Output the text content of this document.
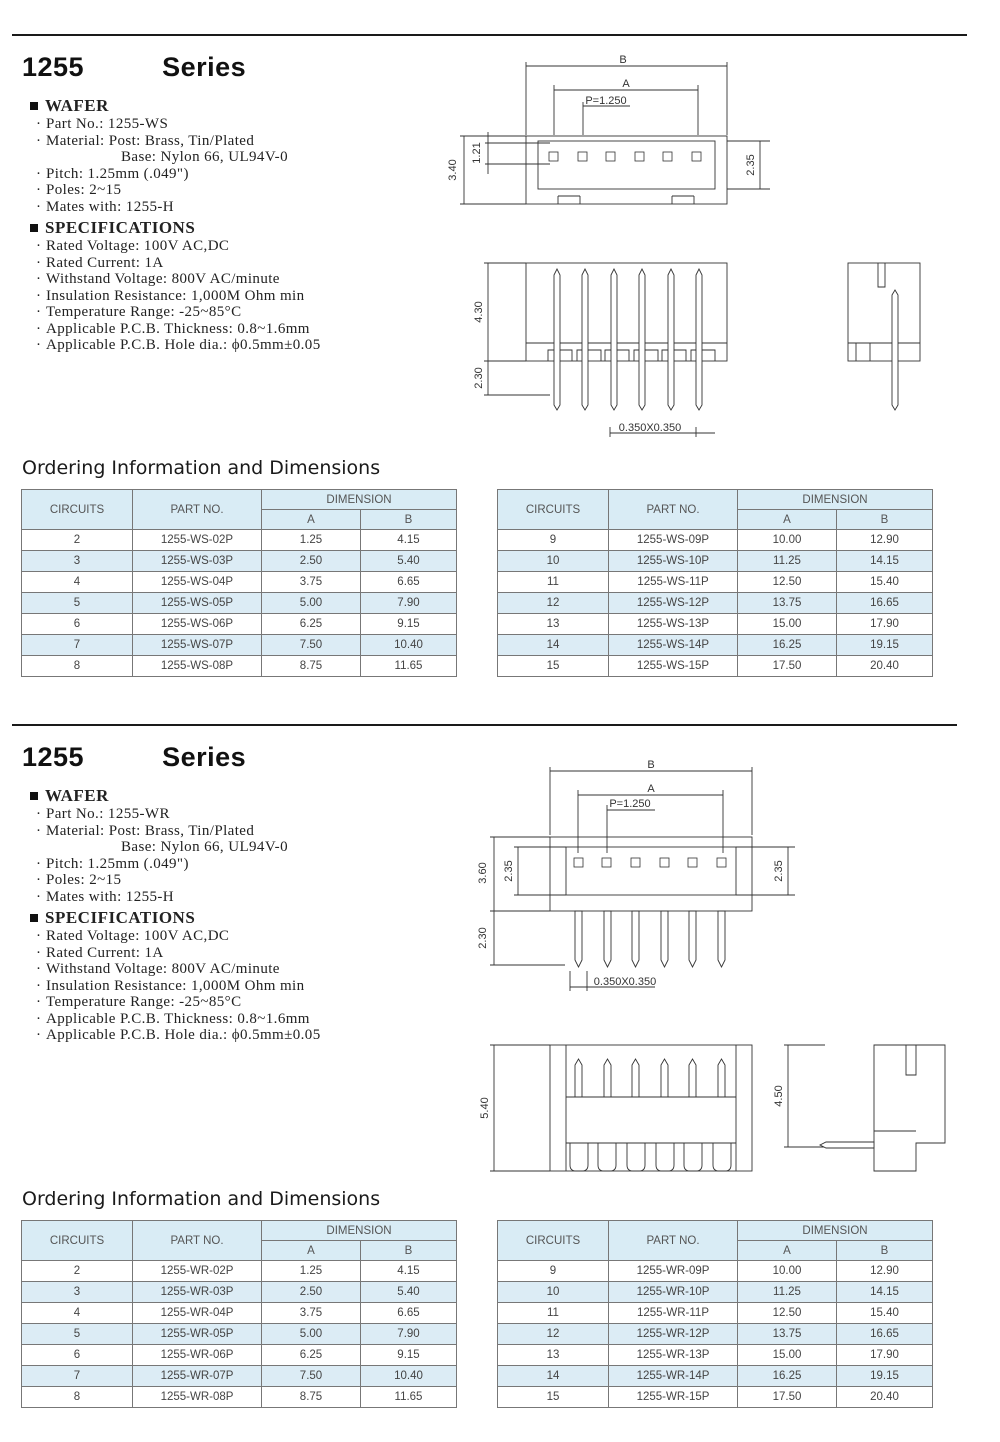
1255   Series
WAFER
· Part No.: 1255-WS
· Material: Post: Brass, Tin/Plated
Base: Nylon 66, UL94V-0
· Pitch: 1.25mm (.049")
· Poles: 2~15
· Mates with: 1255-H
SPECIFICATIONS
· Rated Voltage: 100V AC,DC
· Rated Current: 1A
· Withstand Voltage: 800V AC/minute
· Insulation Resistance: 1,000M Ohm min
· Temperature Range: -25~85°C
· Applicable P.C.B. Thickness: 0.8~1.6mm
· Applicable P.C.B. Hole dia.: ϕ0.5mm±0.05
B
A
P=1.250
3.40
1.21
2.35
4.30
2.30
0.350X0.350
Ordering Information and Dimensions
CIRCUITS	PART NO.	DIMENSION	
		A	B
2	1255-WS-02P	1.25	4.15
3	1255-WS-03P	2.50	5.40
4	1255-WS-04P	3.75	6.65
5	1255-WS-05P	5.00	7.90
6	1255-WS-06P	6.25	9.15
7	1255-WS-07P	7.50	10.40
8	1255-WS-08P	8.75	11.65
CIRCUITS	PART NO.	DIMENSION	
		A	B
9	1255-WS-09P	10.00	12.90
10	1255-WS-10P	11.25	14.15
11	1255-WS-11P	12.50	15.40
12	1255-WS-12P	13.75	16.65
13	1255-WS-13P	15.00	17.90
14	1255-WS-14P	16.25	19.15
15	1255-WS-15P	17.50	20.40
1255   Series
WAFER
· Part No.: 1255-WR
· Material: Post: Brass, Tin/Plated
Base: Nylon 66, UL94V-0
· Pitch: 1.25mm (.049")
· Poles: 2~15
· Mates with: 1255-H
SPECIFICATIONS
· Rated Voltage: 100V AC,DC
· Rated Current: 1A
· Withstand Voltage: 800V AC/minute
· Insulation Resistance: 1,000M Ohm min
· Temperature Range: -25~85°C
· Applicable P.C.B. Thickness: 0.8~1.6mm
· Applicable P.C.B. Hole dia.: ϕ0.5mm±0.05
B
A
P=1.250
3.60 2.35	2.35
2.30
0.350X0.350
5.40
4.50
Ordering Information and Dimensions
CIRCUITS	PART NO.	DIMENSION	
		A	B
2	1255-WR-02P	1.25	4.15
3	1255-WR-03P	2.50	5.40
4	1255-WR-04P	3.75	6.65
5	1255-WR-05P	5.00	7.90
6	1255-WR-06P	6.25	9.15
7	1255-WR-07P	7.50	10.40
8	1255-WR-08P	8.75	11.65
CIRCUITS	PART NO.	DIMENSION	
		A	B
9	1255-WR-09P	10.00	12.90
10	1255-WR-10P	11.25	14.15
11	1255-WR-11P	12.50	15.40
12	1255-WR-12P	13.75	16.65
13	1255-WR-13P	15.00	17.90
14	1255-WR-14P	16.25	19.15
15	1255-WR-15P	17.50	20.40
